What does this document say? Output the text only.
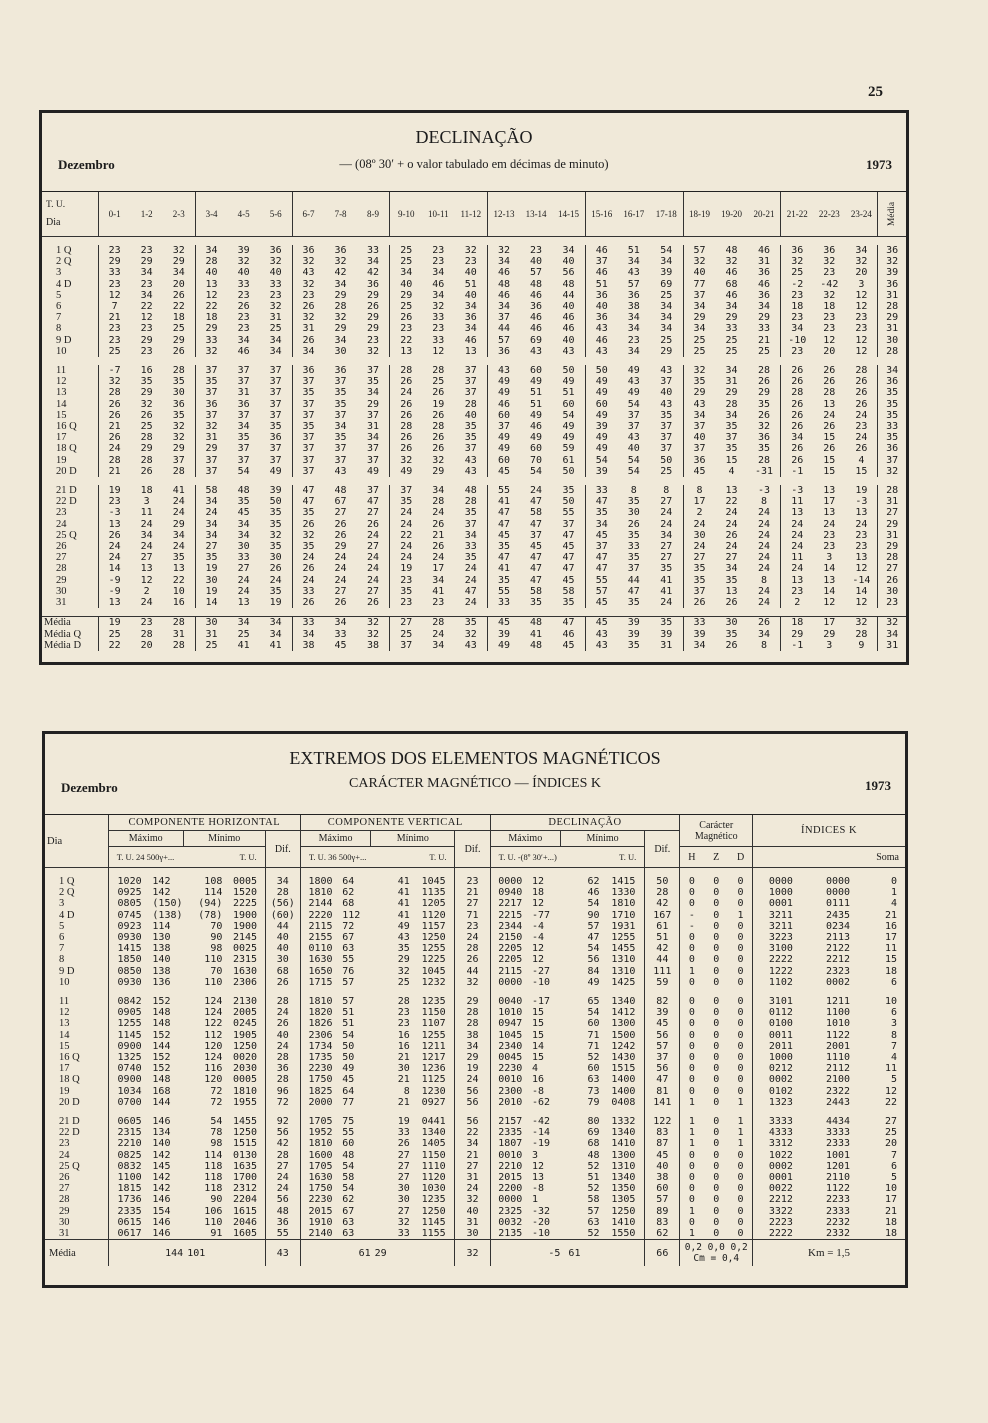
25
DECLINAÇÃO
Dezembro	— (08º 30′ + o valor tabulado em décimas de minuto)	1973
T. U.
Dia	0-1	1-2	2-3	3-4	4-5	5-6	6-7	7-8	8-9	9-10	10-11	11-12	12-13	13-14	14-15	15-16	16-17	17-18	18-19	19-20	20-21	21-22	22-23	23-24	Média

1 Q	23	23	32	34	39	36	36	36	33	25	23	32	32	23	34	46	51	54	57	48	46	36	36	34	36
2 Q	29	29	29	28	32	32	32	32	34	25	23	23	34	40	40	37	34	34	32	32	31	32	32	32	32
3	33	34	34	40	40	40	43	42	42	34	34	40	46	57	56	46	43	39	40	46	36	25	23	20	39
4 D	23	23	20	13	33	33	32	34	36	40	46	51	48	48	48	51	57	69	77	68	46	-2	-42	3	36
5	12	34	26	12	23	23	23	29	29	29	34	40	46	46	44	36	36	25	37	46	36	23	32	12	31
6	7	22	22	22	26	32	26	28	26	25	32	34	34	36	40	40	38	34	34	34	34	18	18	12	28
7	21	12	18	18	23	31	32	32	29	26	33	36	37	46	46	36	34	34	29	29	29	23	23	23	29
8	23	23	25	29	23	25	31	29	29	23	23	34	44	46	46	43	34	34	34	33	33	34	23	23	31
9 D	23	29	29	33	34	34	26	34	23	22	33	46	57	69	40	46	23	25	25	25	21	-10	12	12	30
10	25	23	26	32	46	34	34	30	32	13	12	13	36	43	43	43	34	29	25	25	25	23	20	12	28

11	-7	16	28	37	37	37	36	36	37	28	28	37	43	60	50	50	49	43	32	34	28	26	26	28	34
12	32	35	35	35	37	37	37	37	35	26	25	37	49	49	49	49	43	37	35	31	26	26	26	26	36
13	28	29	30	37	31	37	35	35	34	24	26	37	49	51	51	49	49	40	29	29	29	28	28	26	35
14	26	32	36	36	36	37	37	35	29	26	19	28	46	51	60	60	54	43	43	28	35	26	13	26	35
15	26	26	35	37	37	37	37	37	37	26	26	40	60	49	54	49	37	35	34	34	26	26	24	24	35
16 Q	21	25	32	32	34	35	35	34	31	28	28	35	37	46	49	39	37	37	37	35	32	26	26	23	33
17	26	28	32	31	35	36	37	35	34	26	26	35	49	49	49	49	43	37	40	37	36	34	15	24	35
18 Q	24	29	29	29	37	37	37	37	37	26	26	37	49	60	59	49	40	37	37	35	35	26	26	26	36
19	28	28	37	37	37	37	37	37	37	32	32	43	60	70	61	54	54	50	36	15	28	26	15	4	37
20 D	21	26	28	37	54	49	37	43	49	49	29	43	45	54	50	39	54	25	45	4	-31	-1	15	15	32

21 D	19	18	41	58	48	39	47	48	37	37	34	48	55	24	35	33	8	8	8	13	-3	-3	13	19	28
22 D	23	3	24	34	35	50	47	67	47	35	28	28	41	47	50	47	35	27	17	22	8	11	17	-3	31
23	-3	11	24	24	45	35	35	27	27	24	24	35	47	58	55	35	30	24	2	24	24	13	13	13	27
24	13	24	29	34	34	35	26	26	26	24	26	37	47	47	37	34	26	24	24	24	24	24	24	24	29
25 Q	26	34	34	34	34	32	32	26	24	22	21	34	45	37	47	45	35	34	30	26	24	24	23	23	31
26	24	24	24	27	30	35	35	29	27	24	26	33	35	45	45	37	33	27	24	24	24	24	23	23	29
27	24	27	35	35	33	30	24	24	24	24	24	35	47	47	47	47	35	27	27	27	24	11	3	13	28
28	14	13	13	19	27	26	26	24	24	19	17	24	41	47	47	47	37	35	35	34	24	24	14	12	27
29	-9	12	22	30	24	24	24	24	24	23	34	24	35	47	45	55	44	41	35	35	8	13	13	-14	26
30	-9	2	10	19	24	35	33	27	27	35	41	47	55	58	58	57	47	41	37	13	24	23	14	14	30
31	13	24	16	14	13	19	26	26	26	23	23	24	33	35	35	45	35	24	26	26	24	2	12	12	23

Média	19	23	28	30	34	34	33	34	32	27	28	35	45	48	47	45	39	35	33	30	26	18	17	32	32
Média Q	25	28	31	31	25	34	34	33	32	25	24	32	39	41	46	43	39	39	39	35	34	29	29	28	34
Média D	22	20	28	25	41	41	38	45	38	37	34	43	49	48	45	43	35	31	34	26	8	-1	3	9	31
EXTREMOS DOS ELEMENTOS MAGNÉTICOS
CARÁCTER MAGNÉTICO — ÍNDICES K
Dezembro	1973
Dia	COMPONENTE HORIZONTAL					COMPONENTE VERTICAL					DECLINAÇÃO					Carácter Magnético			ÍNDICES K		
	Máximo		Mínimo		Dif.	Máximo		Mínimo		Dif.	Máximo		Mínimo		Dif.						
	T. U. 24 500γ+...		T. U.			T. U. 36 500γ+...		T. U.			T. U. -(8º 30′+...)		T. U.			H	Z	D	Soma		

1 Q	1020	142	108	0005	34	1800	64	41	1045	23	0000	12	62	1415	50	0	0	0	0000	0000	0
2 Q	0925	142	114	1520	28	1810	62	41	1135	21	0940	18	46	1330	28	0	0	0	1000	0000	1
3	0805	(150)	(94)	2225	(56)	2144	68	41	1205	27	2217	12	54	1810	42	0	0	0	0001	0111	4
4 D	0745	(138)	(78)	1900	(60)	2220	112	41	1120	71	2215	-77	90	1710	167	-	0	1	3211	2435	21
5	0923	114	70	1900	44	2115	72	49	1157	23	2344	-4	57	1931	61	-	0	0	3211	0234	16
6	0930	130	90	2145	40	2155	67	43	1250	24	2150	-4	47	1255	51	0	0	0	3223	2113	17
7	1415	138	98	0025	40	0110	63	35	1255	28	2205	12	54	1455	42	0	0	0	3100	2122	11
8	1850	140	110	2315	30	1630	55	29	1225	26	2205	12	56	1310	44	0	0	0	2222	2212	15
9 D	0850	138	70	1630	68	1650	76	32	1045	44	2115	-27	84	1310	111	1	0	0	1222	2323	18
10	0930	136	110	2306	26	1715	57	25	1232	32	0000	-10	49	1425	59	0	0	0	1102	0002	6

11	0842	152	124	2130	28	1810	57	28	1235	29	0040	-17	65	1340	82	0	0	0	3101	1211	10
12	0905	148	124	2005	24	1820	51	23	1150	28	1010	15	54	1412	39	0	0	0	0112	1100	6
13	1255	148	122	0245	26	1826	51	23	1107	28	0947	15	60	1300	45	0	0	0	0100	1010	3
14	1145	152	112	1905	40	2306	54	16	1255	38	1045	15	71	1500	56	0	0	0	0011	1122	8
15	0900	144	120	1250	24	1734	50	16	1211	34	2340	14	71	1242	57	0	0	0	2011	2001	7
16 Q	1325	152	124	0020	28	1735	50	21	1217	29	0045	15	52	1430	37	0	0	0	1000	1110	4
17	0740	152	116	2030	36	2230	49	30	1236	19	2230	4	60	1515	56	0	0	0	0212	2112	11
18 Q	0900	148	120	0005	28	1750	45	21	1125	24	0010	16	63	1400	47	0	0	0	0002	2100	5
19	1034	168	72	1810	96	1825	64	8	1230	56	2300	-8	73	1400	81	0	0	0	0102	2322	12
20 D	0700	144	72	1955	72	2000	77	21	0927	56	2010	-62	79	0408	141	1	0	1	1323	2443	22

21 D	0605	146	54	1455	92	1705	75	19	0441	56	2157	-42	80	1332	122	1	0	1	3333	4434	27
22 D	2315	134	78	1250	56	1952	55	33	1340	22	2335	-14	69	1340	83	1	0	1	4333	3333	25
23	2210	140	98	1515	42	1810	60	26	1405	34	1807	-19	68	1410	87	1	0	1	3312	2333	20
24	0825	142	114	0130	28	1600	48	27	1150	21	0010	3	48	1300	45	0	0	0	1022	1001	7
25 Q	0832	145	118	1635	27	1705	54	27	1110	27	2210	12	52	1310	40	0	0	0	0002	1201	6
26	1100	142	118	1700	24	1630	58	27	1120	31	2015	13	51	1340	38	0	0	0	0001	2110	5
27	1815	142	118	2312	24	1750	54	30	1030	24	2200	-8	52	1350	60	0	0	0	0022	1122	10
28	1736	146	90	2204	56	2230	62	30	1235	32	0000	1	58	1305	57	0	0	0	2212	2233	17
29	2335	154	106	1615	48	2015	67	27	1250	40	2325	-32	57	1250	89	1	0	0	3322	2333	21
30	0615	146	110	2046	36	1910	63	32	1145	31	0032	-20	63	1410	83	0	0	0	2223	2232	18
31	0617	146	91	1605	55	2140	63	33	1155	30	2135	-10	52	1550	62	1	0	0	2222	2332	18
Média	144		101		43	61		29		32	-5		61		66	0,2 0,0 0,2
Cm = 0,4			Km = 1,5		
